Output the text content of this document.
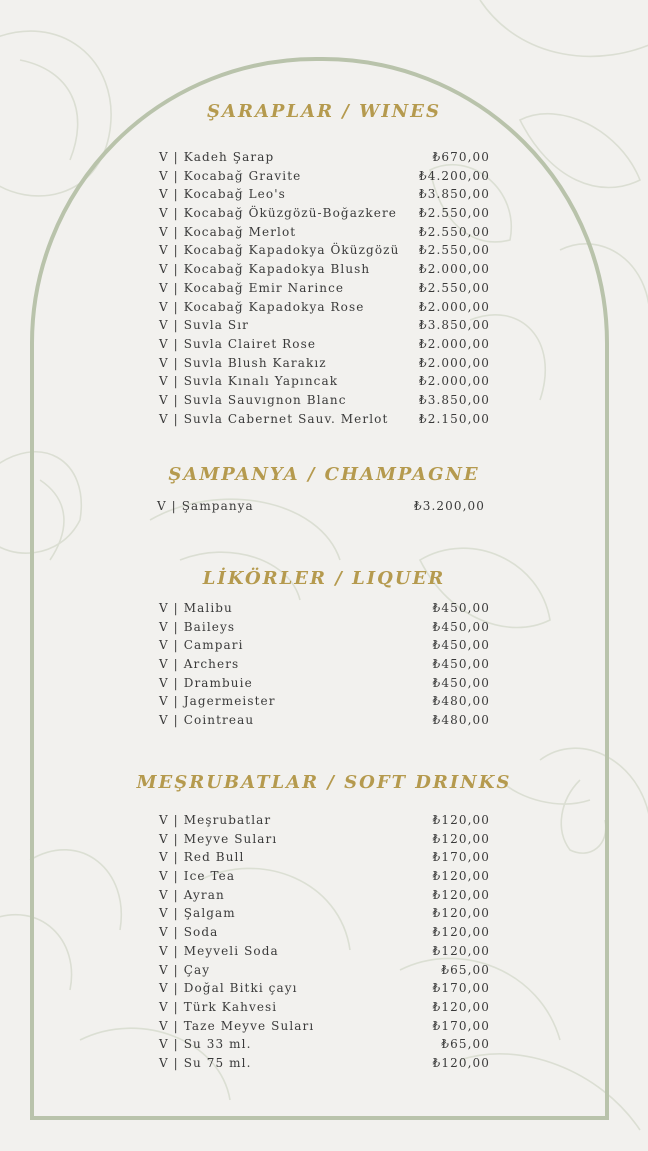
ŞARAPLAR / WINES
V | Kadeh Şarap	₺670,00
V | Kocabağ Gravite	₺4.200,00
V | Kocabağ Leo's	₺3.850,00
V | Kocabağ Öküzgözü-Boğazkere ₺2.550,00
V | Kocabağ Merlot	₺2.550,00
V | Kocabağ Kapadokya Öküzgözü ₺2.550,00
V | Kocabağ Kapadokya Blush	₺2.000,00
V | Kocabağ Emir Narince	₺2.550,00
V | Kocabağ Kapadokya Rose	₺2.000,00
V | Suvla Sır	₺3.850,00
V | Suvla Clairet Rose	₺2.000,00
V | Suvla Blush Karakız	₺2.000,00
V | Suvla Kınalı Yapıncak	₺2.000,00
V | Suvla Sauvıgnon Blanc	₺3.850,00
V | Suvla Cabernet Sauv. Merlot	₺2.150,00
ŞAMPANYA / CHAMPAGNE
V | Şampanya	₺3.200,00
LİKÖRLER / LIQUER
V | Malibu	₺450,00
V | Baileys	₺450,00
V | Campari	₺450,00
V | Archers	₺450,00
V | Drambuie	₺450,00
V | Jagermeister	₺480,00
V | Cointreau	₺480,00
MEŞRUBATLAR / SOFT DRINKS
V | Meşrubatlar	₺120,00
V | Meyve Suları	₺120,00
V | Red Bull	₺170,00
V | Ice Tea	₺120,00
V | Ayran	₺120,00
V | Şalgam	₺120,00
V | Soda	₺120,00
V | Meyveli Soda	₺120,00
V | Çay	₺65,00
V | Doğal Bitki çayı	₺170,00
V | Türk Kahvesi	₺120,00
V | Taze Meyve Suları	₺170,00
V | Su 33 ml.	₺65,00
V | Su 75 ml.	₺120,00
